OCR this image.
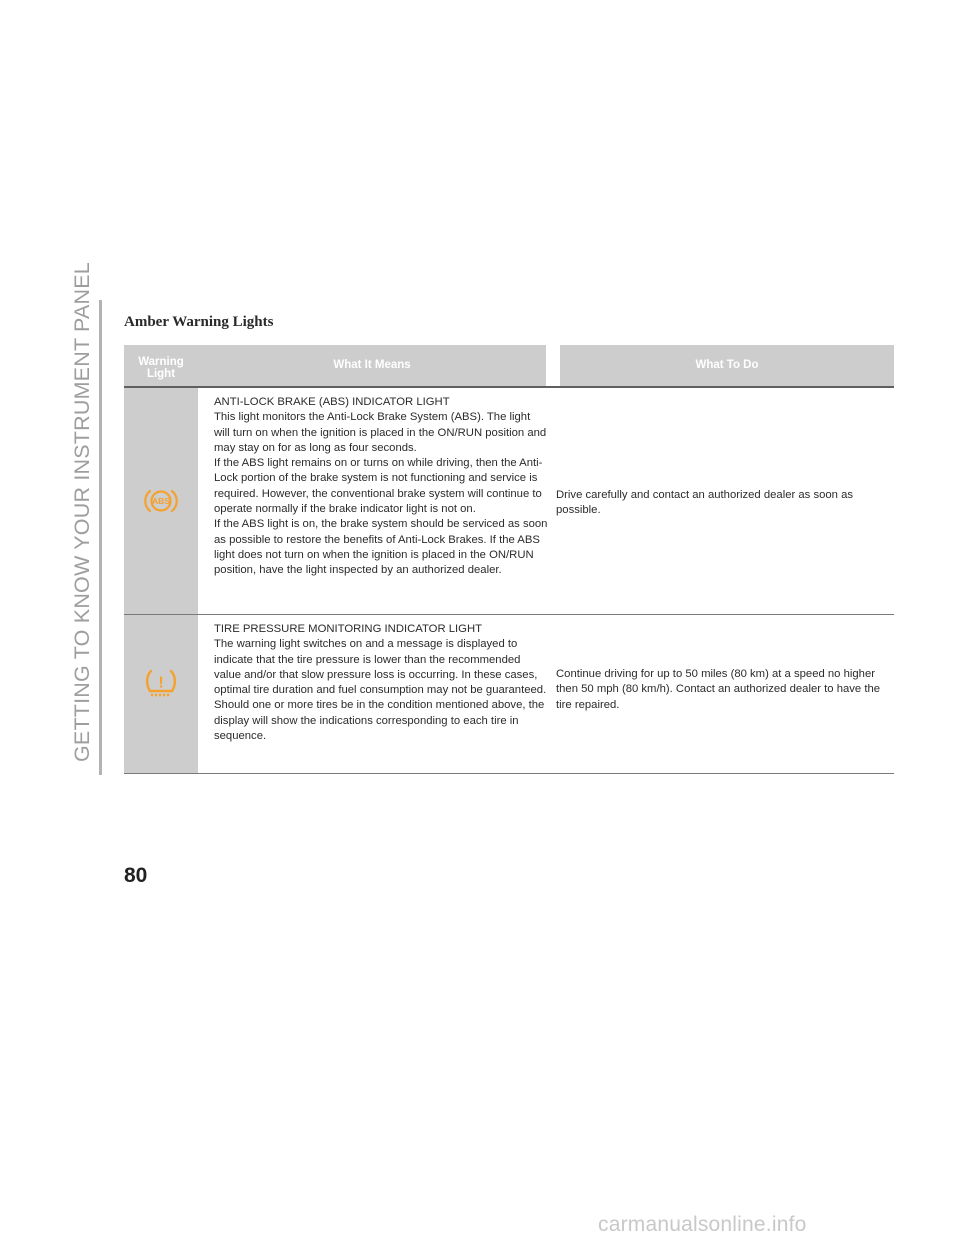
GETTING TO KNOW YOUR INSTRUMENT PANEL Amber Warning Lights
Warning Light
What It Means	What To Do
ABS

ANTI-LOCK BRAKE (ABS) INDICATOR LIGHT

This light monitors the Anti-Lock Brake System (ABS). The light will turn on when the ignition is placed in the ON/RUN position and may stay on for as long as four seconds.

If the ABS light remains on or turns on while driving, then the Anti-Lock portion of the brake system is not functioning and service is required. However, the conventional brake system will continue to operate normally if the brake indicator light is not on.

If the ABS light is on, the brake system should be serviced as soon as possible to restore the benefits of Anti-Lock Brakes. If the ABS light does not turn on when the ignition is placed in the ON/RUN position, have the light inspected by an authorized dealer.

Drive carefully and contact an authorized dealer as soon as possible.
!

TIRE PRESSURE MONITORING INDICATOR LIGHT

The warning light switches on and a message is displayed to indicate that the tire pressure is lower than the recommended value and/or that slow pressure loss is occurring. In these cases, optimal tire duration and fuel consumption may not be guaranteed.

Should one or more tires be in the condition mentioned above, the display will show the indications corresponding to each tire in sequence.

Continue driving for up to 50 miles (80 km) at a speed no higher then 50 mph (80 km/h). Contact an authorized dealer to have the tire repaired.
80
carmanualsonline.info
